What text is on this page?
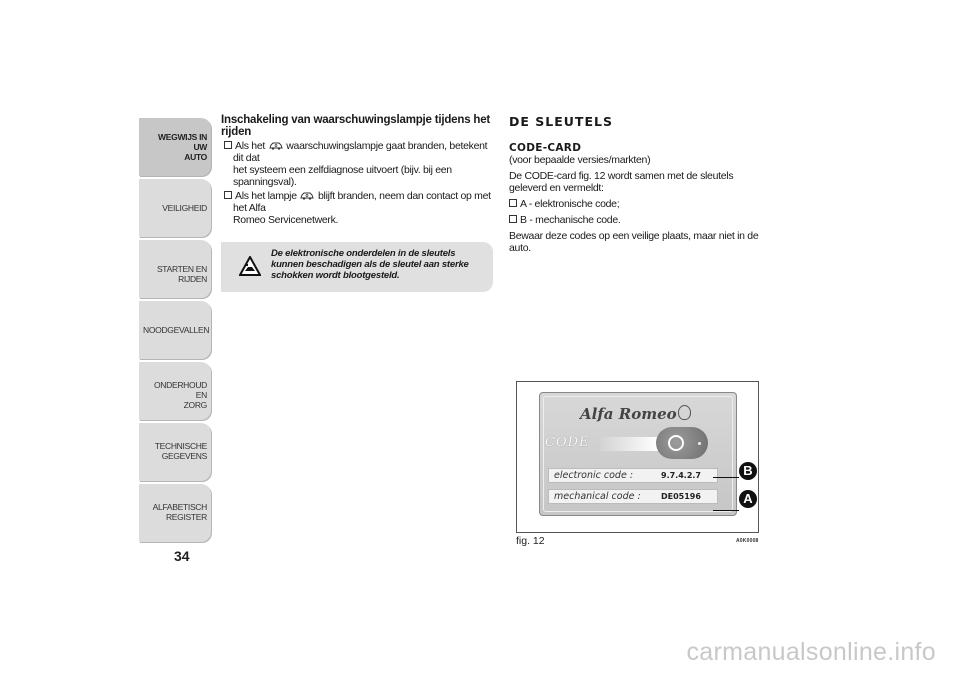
WEGWIJS IN UW
AUTO
VEILIGHEID
STARTEN EN RIJDEN
NOODGEVALLEN
ONDERHOUD EN
ZORG
TECHNISCHE
GEGEVENS
ALFABETISCH
REGISTER
34
Inschakeling van waarschuwingslampje tijdens het
rijden
Als het waarschuwingslampje gaat branden, betekent dit dat
het systeem een zelfdiagnose uitvoert (bijv. bij een spanningsval).
Als het lampje blijft branden, neem dan contact op met het Alfa
Romeo Servicenetwerk.
De elektronische onderdelen in de sleutels kunnen beschadigen als de sleutel aan sterke schokken wordt blootgesteld.
DE SLEUTELS
CODE-CARD
(voor bepaalde versies/markten)
De CODE-card fig. 12 wordt samen met de sleutels geleverd en vermeldt:
A - elektronische code;
B - mechanische code.
Bewaar deze codes op een veilige plaats, maar niet in de auto.
Alfa Romeo
CODE
electronic code :	9.7.4.2.7
mechanical code :	DE05196
B
A
fig. 12	A0K0008
carmanualsonline.info
